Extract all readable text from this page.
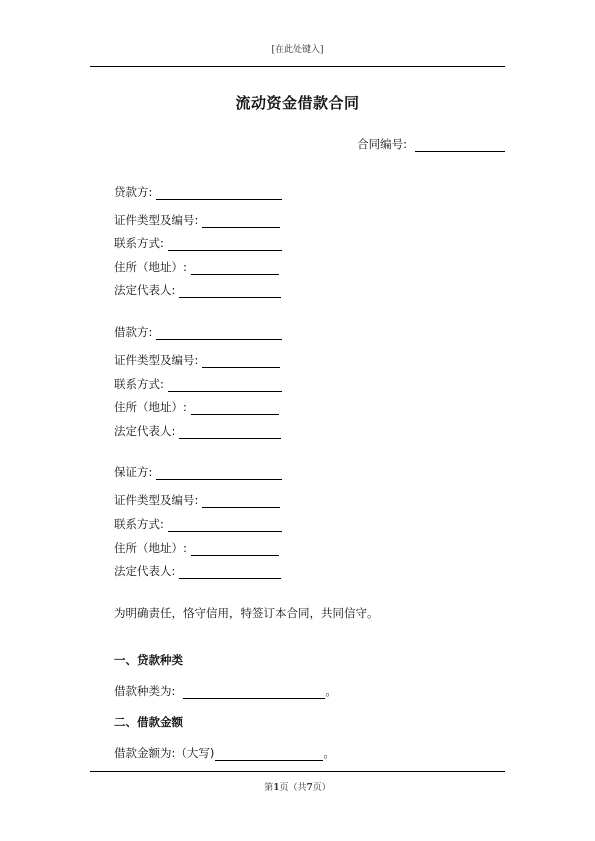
[在此处键入]
流动资金借款合同
合同编号:
贷款方:
证件类型及编号:
联系方式:
住所（地址）:
法定代表人:
借款方:
证件类型及编号:
联系方式:
住所（地址）:
法定代表人:
保证方:
证件类型及编号:
联系方式:
住所（地址）:
法定代表人:
为明确责任，恪守信用，特签订本合同，共同信守。
一、贷款种类
借款种类为:	。
二、借款金额
借款金额为:（大写)	。
第1页（共7页）
